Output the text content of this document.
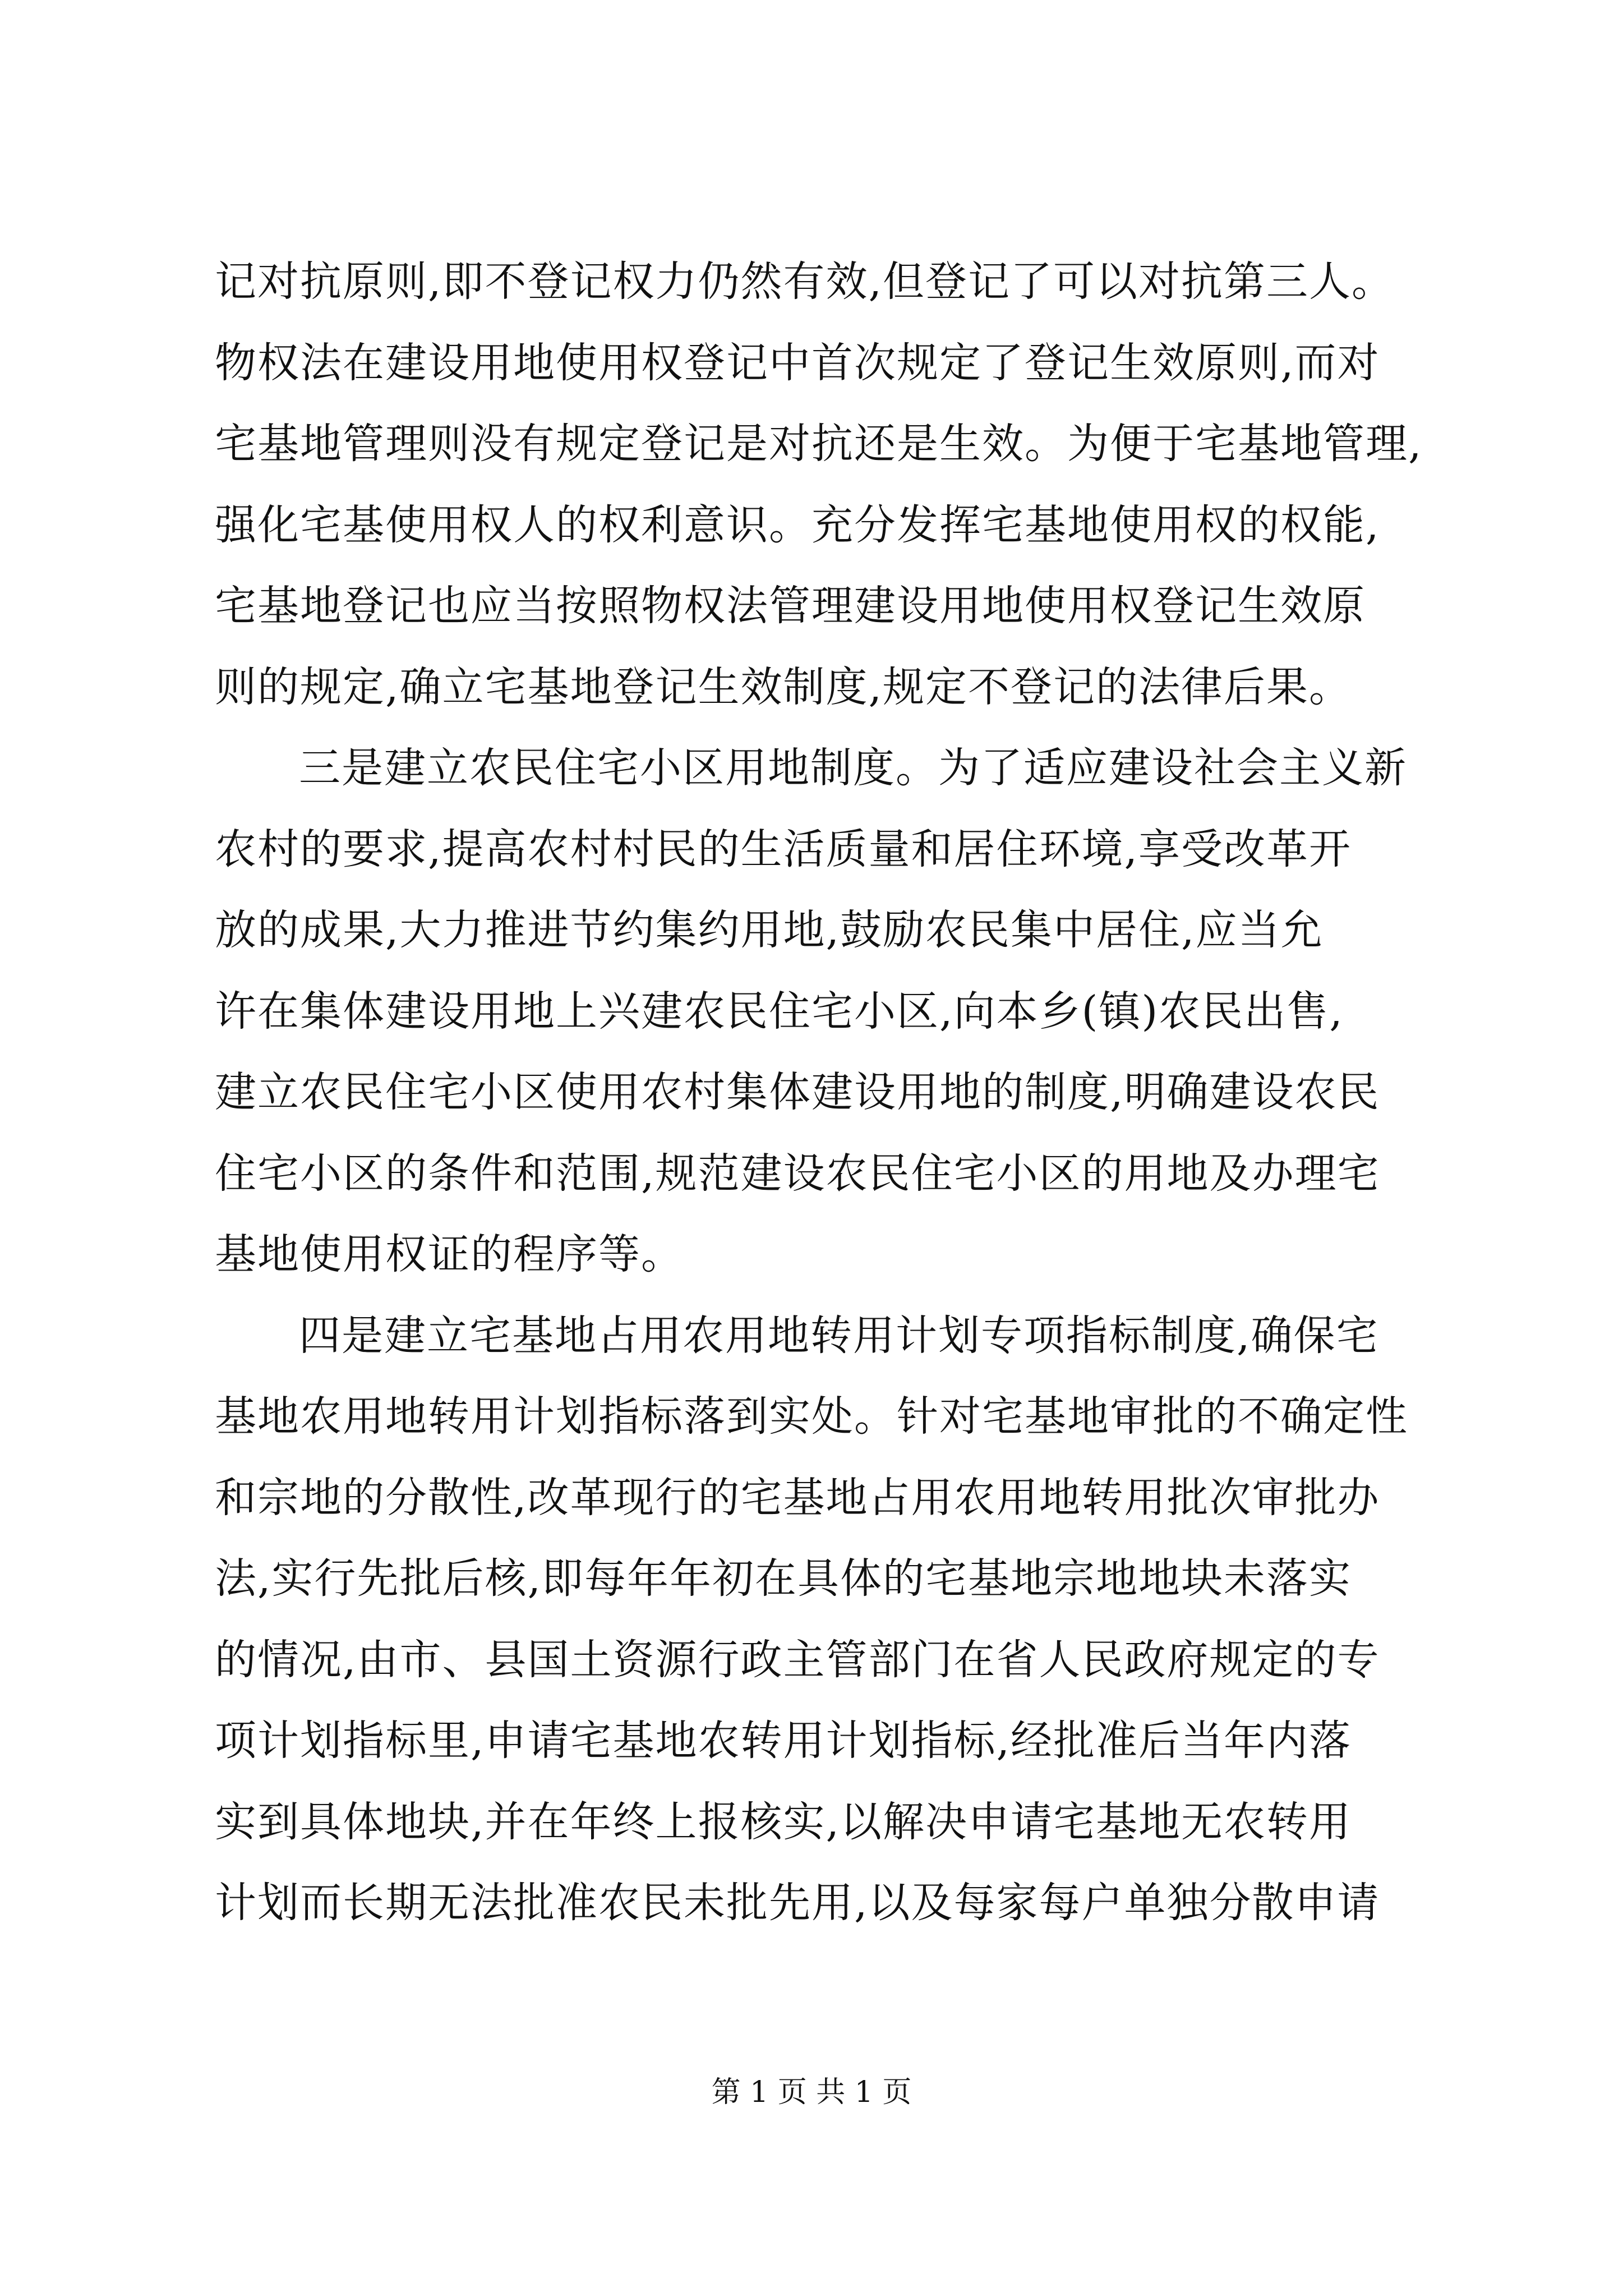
记对抗原则,即不登记权力仍然有效,但登记了可以对抗第三人。
物权法在建设用地使用权登记中首次规定了登记生效原则,而对
宅基地管理则没有规定登记是对抗还是生效。为便于宅基地管理,
强化宅基使用权人的权利意识。充分发挥宅基地使用权的权能,
宅基地登记也应当按照物权法管理建设用地使用权登记生效原
则的规定,确立宅基地登记生效制度,规定不登记的法律后果。
三是建立农民住宅小区用地制度。为了适应建设社会主义新
农村的要求,提高农村村民的生活质量和居住环境,享受改革开
放的成果,大力推进节约集约用地,鼓励农民集中居住,应当允
许在集体建设用地上兴建农民住宅小区,向本乡(镇)农民出售,
建立农民住宅小区使用农村集体建设用地的制度,明确建设农民
住宅小区的条件和范围,规范建设农民住宅小区的用地及办理宅
基地使用权证的程序等。
四是建立宅基地占用农用地转用计划专项指标制度,确保宅
基地农用地转用计划指标落到实处。针对宅基地审批的不确定性
和宗地的分散性,改革现行的宅基地占用农用地转用批次审批办
法,实行先批后核,即每年年初在具体的宅基地宗地地块未落实
的情况,由市、县国土资源行政主管部门在省人民政府规定的专
项计划指标里,申请宅基地农转用计划指标,经批准后当年内落
实到具体地块,并在年终上报核实,以解决申请宅基地无农转用
计划而长期无法批准农民未批先用,以及每家每户单独分散申请
第 1 页 共 1 页
